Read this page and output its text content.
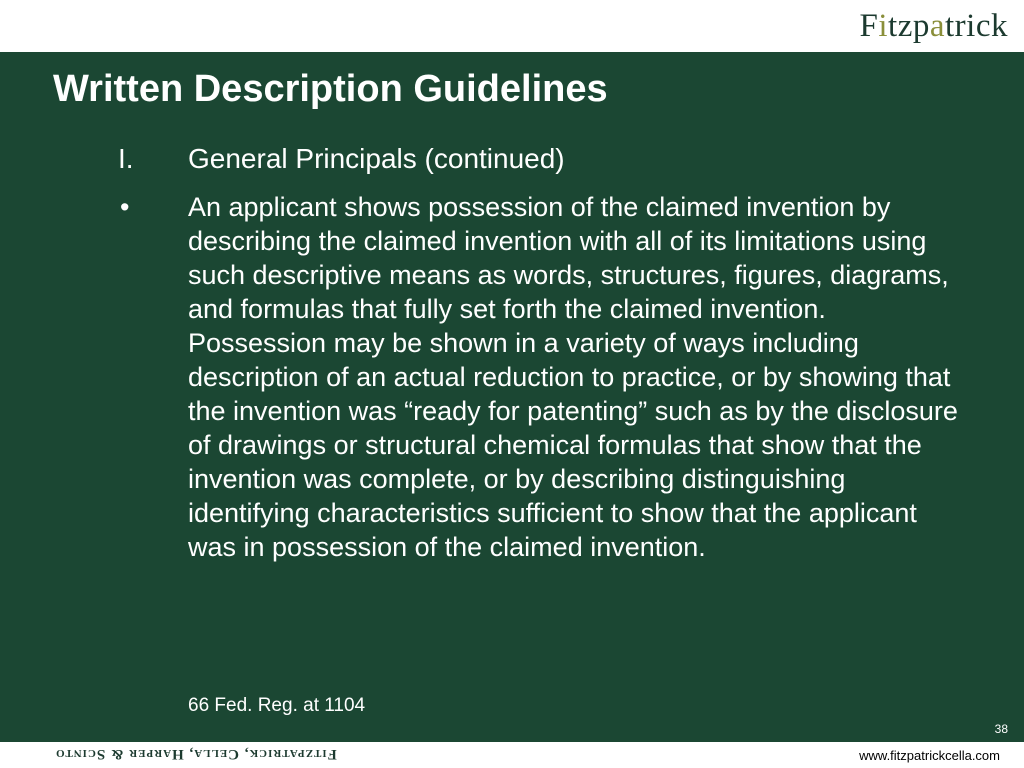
Fitzpatrick
Written Description Guidelines
I. General Principals (continued)
• An applicant shows possession of the claimed invention by describing the claimed invention with all of its limitations using such descriptive means as words, structures, figures, diagrams, and formulas that fully set forth the claimed invention. Possession may be shown in a variety of ways including description of an actual reduction to practice, or by showing that the invention was “ready for patenting” such as by the disclosure of drawings or structural chemical formulas that show that the invention was complete, or by describing distinguishing identifying characteristics sufficient to show that the applicant was in possession of the claimed invention.
66 Fed. Reg. at 1104
38
Fitzpatrick, Cella, Harper & Scinto	www.fitzpatrickcella.com
